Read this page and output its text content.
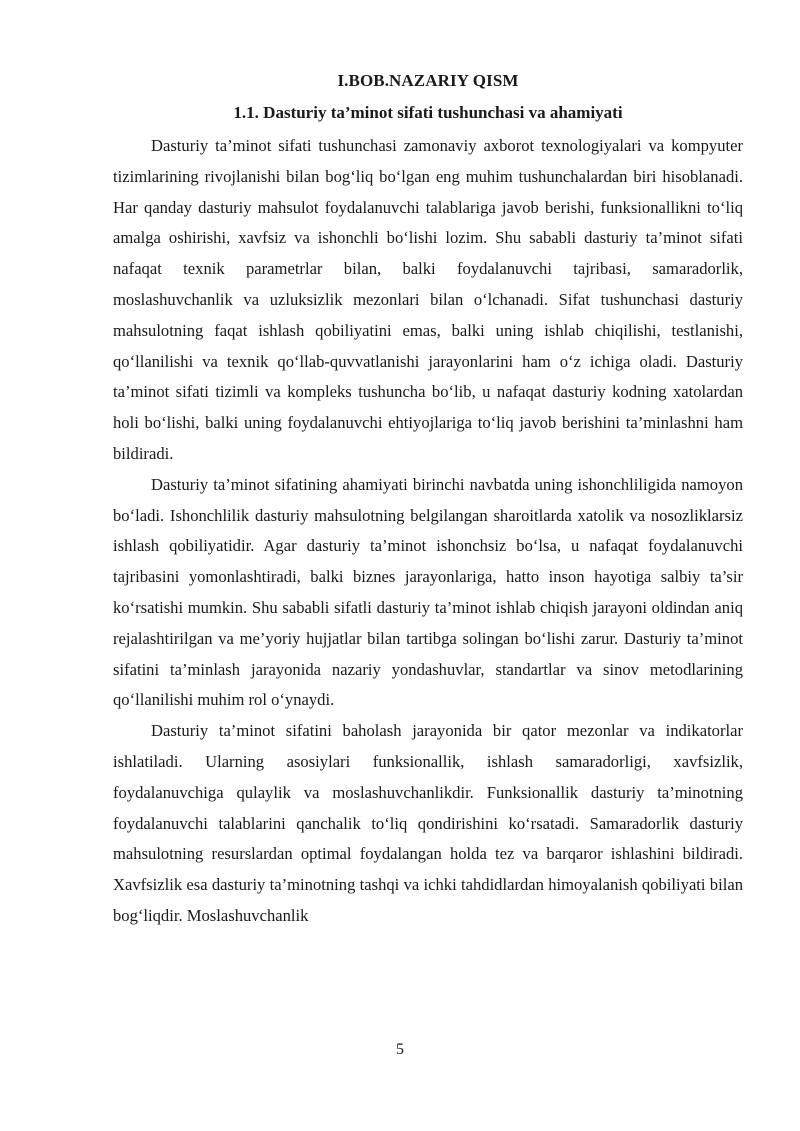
I.BOB.NAZARIY QISM
1.1. Dasturiy ta’minot sifati tushunchasi va ahamiyati

Dasturiy ta’minot sifati tushunchasi zamonaviy axborot texnologiyalari va kompyuter tizimlarining rivojlanishi bilan bog‘liq bo‘lgan eng muhim tushunchalardan biri hisoblanadi. Har qanday dasturiy mahsulot foydalanuvchi talablariga javob berishi, funksionallikni to‘liq amalga oshirishi, xavfsiz va ishonchli bo‘lishi lozim. Shu sababli dasturiy ta’minot sifati nafaqat texnik parametrlar bilan, balki foydalanuvchi tajribasi, samaradorlik, moslashuvchanlik va uzluksizlik mezonlari bilan o‘lchanadi. Sifat tushunchasi dasturiy mahsulotning faqat ishlash qobiliyatini emas, balki uning ishlab chiqilishi, testlanishi, qo‘llanilishi va texnik qo‘llab-quvvatlanishi jarayonlarini ham o‘z ichiga oladi. Dasturiy ta’minot sifati tizimli va kompleks tushuncha bo‘lib, u nafaqat dasturiy kodning xatolardan holi bo‘lishi, balki uning foydalanuvchi ehtiyojlariga to‘liq javob berishini ta’minlashni ham bildiradi.

Dasturiy ta’minot sifatining ahamiyati birinchi navbatda uning ishonchliligida namoyon bo‘ladi. Ishonchlilik dasturiy mahsulotning belgilangan sharoitlarda xatolik va nosozliklarsiz ishlash qobiliyatidir. Agar dasturiy ta’minot ishonchsiz bo‘lsa, u nafaqat foydalanuvchi tajribasini yomonlashtiradi, balki biznes jarayonlariga, hatto inson hayotiga salbiy ta’sir ko‘rsatishi mumkin. Shu sababli sifatli dasturiy ta’minot ishlab chiqish jarayoni oldindan aniq rejalashtirilgan va me’yoriy hujjatlar bilan tartibga solingan bo‘lishi zarur. Dasturiy ta’minot sifatini ta’minlash jarayonida nazariy yondashuvlar, standartlar va sinov metodlarining qo‘llanilishi muhim rol o‘ynaydi.

Dasturiy ta’minot sifatini baholash jarayonida bir qator mezonlar va indikatorlar ishlatiladi. Ularning asosiylari funksionallik, ishlash samaradorligi, xavfsizlik, foydalanuvchiga qulaylik va moslashuvchanlikdir. Funksionallik dasturiy ta’minotning foydalanuvchi talablarini qanchalik to‘liq qondirishini ko‘rsatadi. Samaradorlik dasturiy mahsulotning resurslardan optimal foydalangan holda tez va barqaror ishlashini bildiradi. Xavfsizlik esa dasturiy ta’minotning tashqi va ichki tahdidlardan himoyalanish qobiliyati bilan bog‘liqdir. Moslashuvchanlik

5
